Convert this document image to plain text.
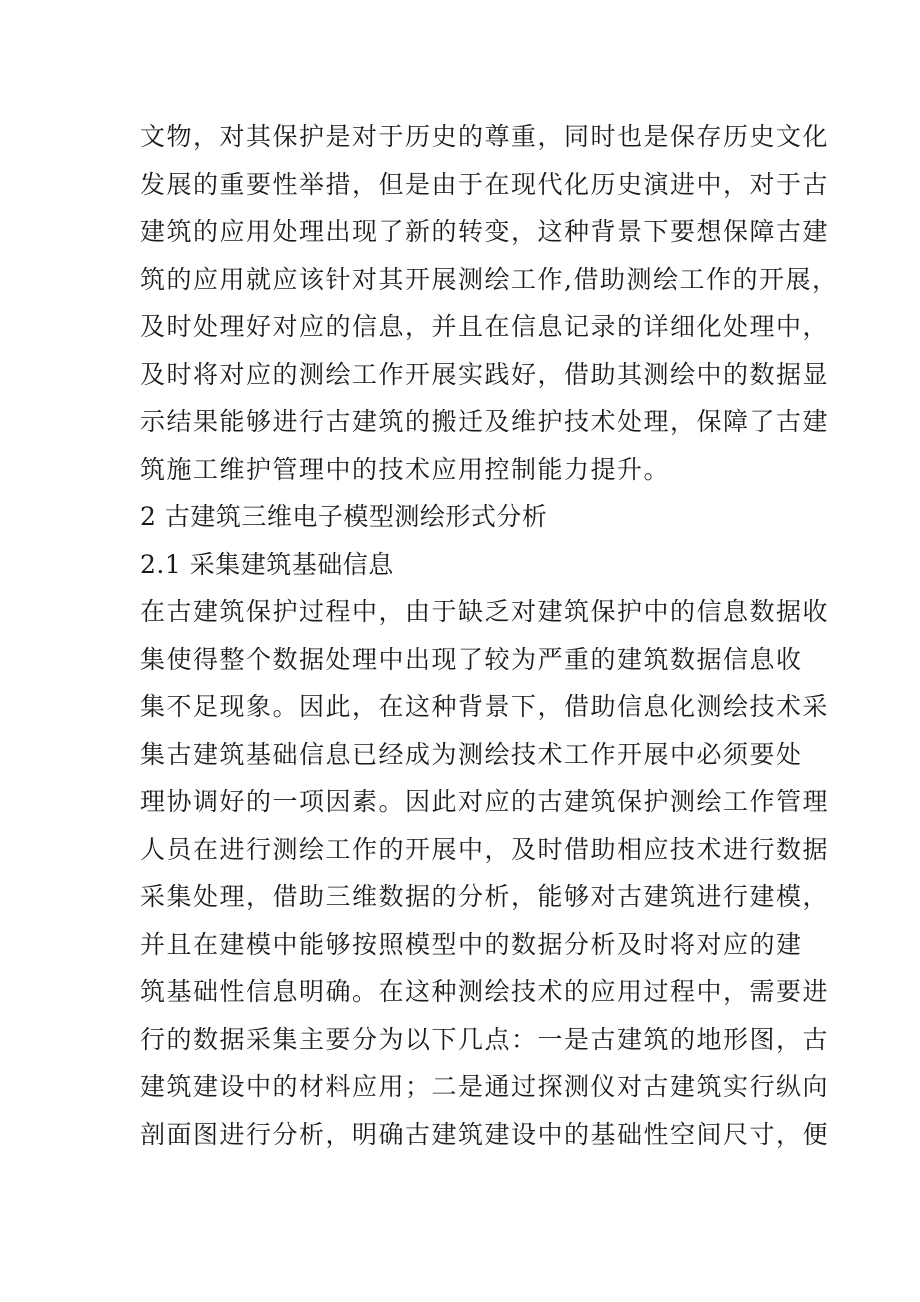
文物，对其保护是对于历史的尊重，同时也是保存历史文化
发展的重要性举措，但是由于在现代化历史演进中，对于古
建筑的应用处理出现了新的转变，这种背景下要想保障古建
筑的应用就应该针对其开展测绘工作,借助测绘工作的开展，
及时处理好对应的信息，并且在信息记录的详细化处理中，
及时将对应的测绘工作开展实践好，借助其测绘中的数据显
示结果能够进行古建筑的搬迁及维护技术处理，保障了古建
筑施工维护管理中的技术应用控制能力提升。
2 古建筑三维电子模型测绘形式分析
2.1 采集建筑基础信息
在古建筑保护过程中，由于缺乏对建筑保护中的信息数据收
集使得整个数据处理中出现了较为严重的建筑数据信息收
集不足现象。因此，在这种背景下，借助信息化测绘技术采
集古建筑基础信息已经成为测绘技术工作开展中必须要处
理协调好的一项因素。因此对应的古建筑保护测绘工作管理
人员在进行测绘工作的开展中，及时借助相应技术进行数据
采集处理，借助三维数据的分析，能够对古建筑进行建模，
并且在建模中能够按照模型中的数据分析及时将对应的建
筑基础性信息明确。在这种测绘技术的应用过程中，需要进
行的数据采集主要分为以下几点：一是古建筑的地形图，古
建筑建设中的材料应用；二是通过探测仪对古建筑实行纵向
剖面图进行分析，明确古建筑建设中的基础性空间尺寸，便
